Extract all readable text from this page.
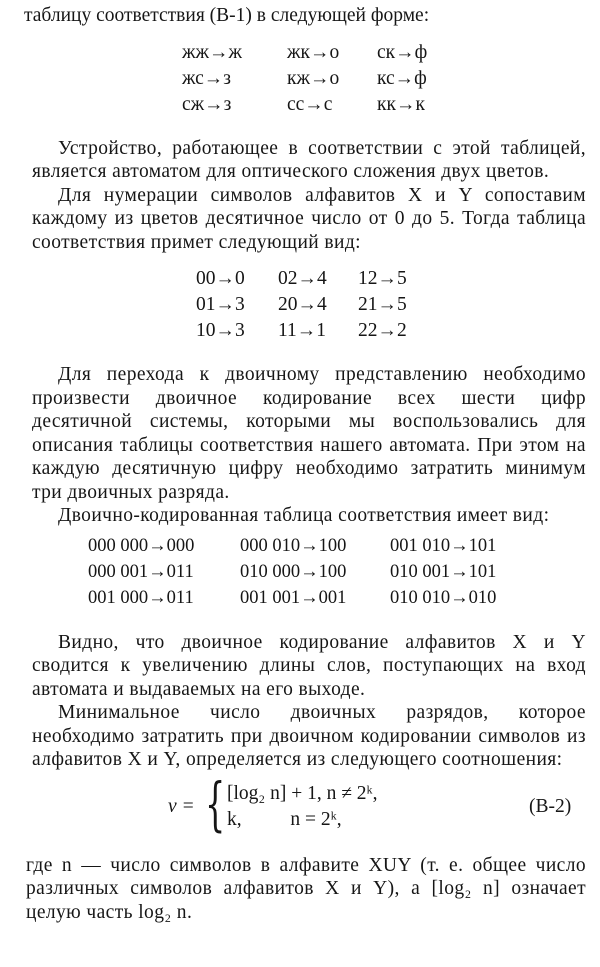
таблицу соответствия (B-1) в следующей форме:

жж→ж	жк→о	ск→ф
жс→з	кж→о	кс→ф
сж→з	сс→с	кк→к

Устройство, работающее в соответствии с этой таблицей, является автоматом для оптического сложения двух цветов.

Для нумерации символов алфавитов X и Y сопоставим каждому из цветов десятичное число от 0 до 5. Тогда таблица соответствия примет следующий вид:

00→0	02→4	12→5
01→3	20→4	21→5
10→3	11→1	22→2

Для перехода к двоичному представлению необходимо произвести двоичное кодирование всех шести цифр десятичной системы, которыми мы воспользовались для описания таблицы соответствия нашего автомата. При этом на каждую десятичную цифру необходимо затратить минимум три двоичных разряда.

Двоично-кодированная таблица соответствия имеет вид:

000 000→000	000 010→100	001 010→101
000 001→011	010 000→100	010 001→101
001 000→011	001 001→001	010 010→010

Видно, что двоичное кодирование алфавитов X и Y сводится к увеличению длины слов, поступающих на вход автомата и выдаваемых на его выходе.

Минимальное число двоичных разрядов, которое необходимо затратить при двоичном кодировании символов из алфавитов X и Y, определяется из следующего соотношения:

v = { [log₂ n] + 1, n ≠ 2ᵏ,
k,          n = 2ᵏ,
(B-2)

где n — число символов в алфавите XUY (т. е. общее число различных символов алфавитов X и Y), а [log₂ n] означает целую часть log₂ n.
